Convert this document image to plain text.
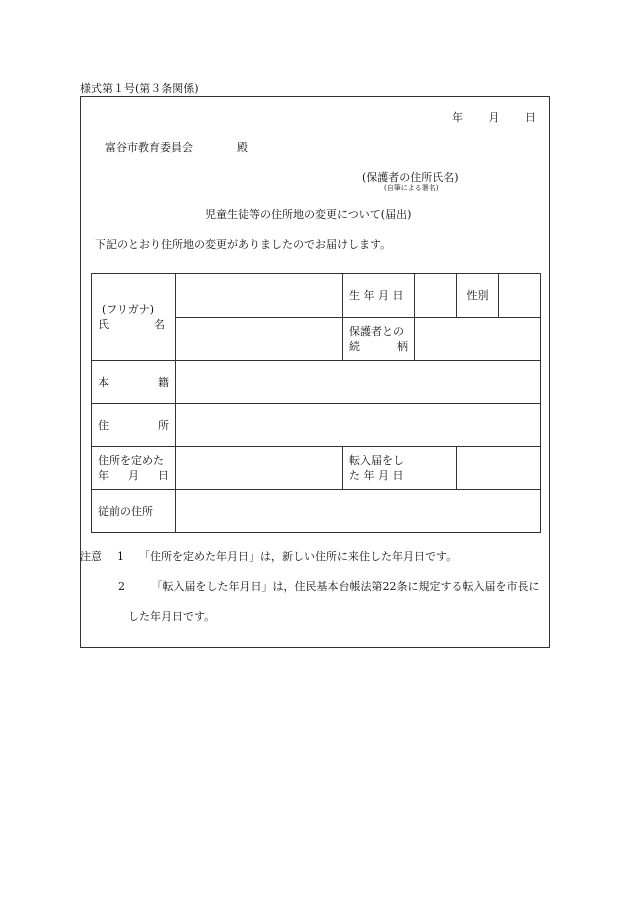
様式第１号(第３条関係)
年 月 日
富谷市教育委員会	殿
(保護者の住所氏名)
(自筆による署名)
児童生徒等の住所地の変更について(届出)
下記のとおり住所地の変更がありましたのでお届けします。
(フリガナ)
氏 名		生 年 月 日		性別	

		保護者との
続 柄			

本 籍					

住 所					

住所を定めた
年 月 日		転入届をし
た 年 月 日			

従前の住所					
注意 1 「住所を定めた年月日」は，新しい住所に来住した年月日です。
2 「転入届をした年月日」は，住民基本台帳法第22条に規定する転入届を市長に
した年月日です。
